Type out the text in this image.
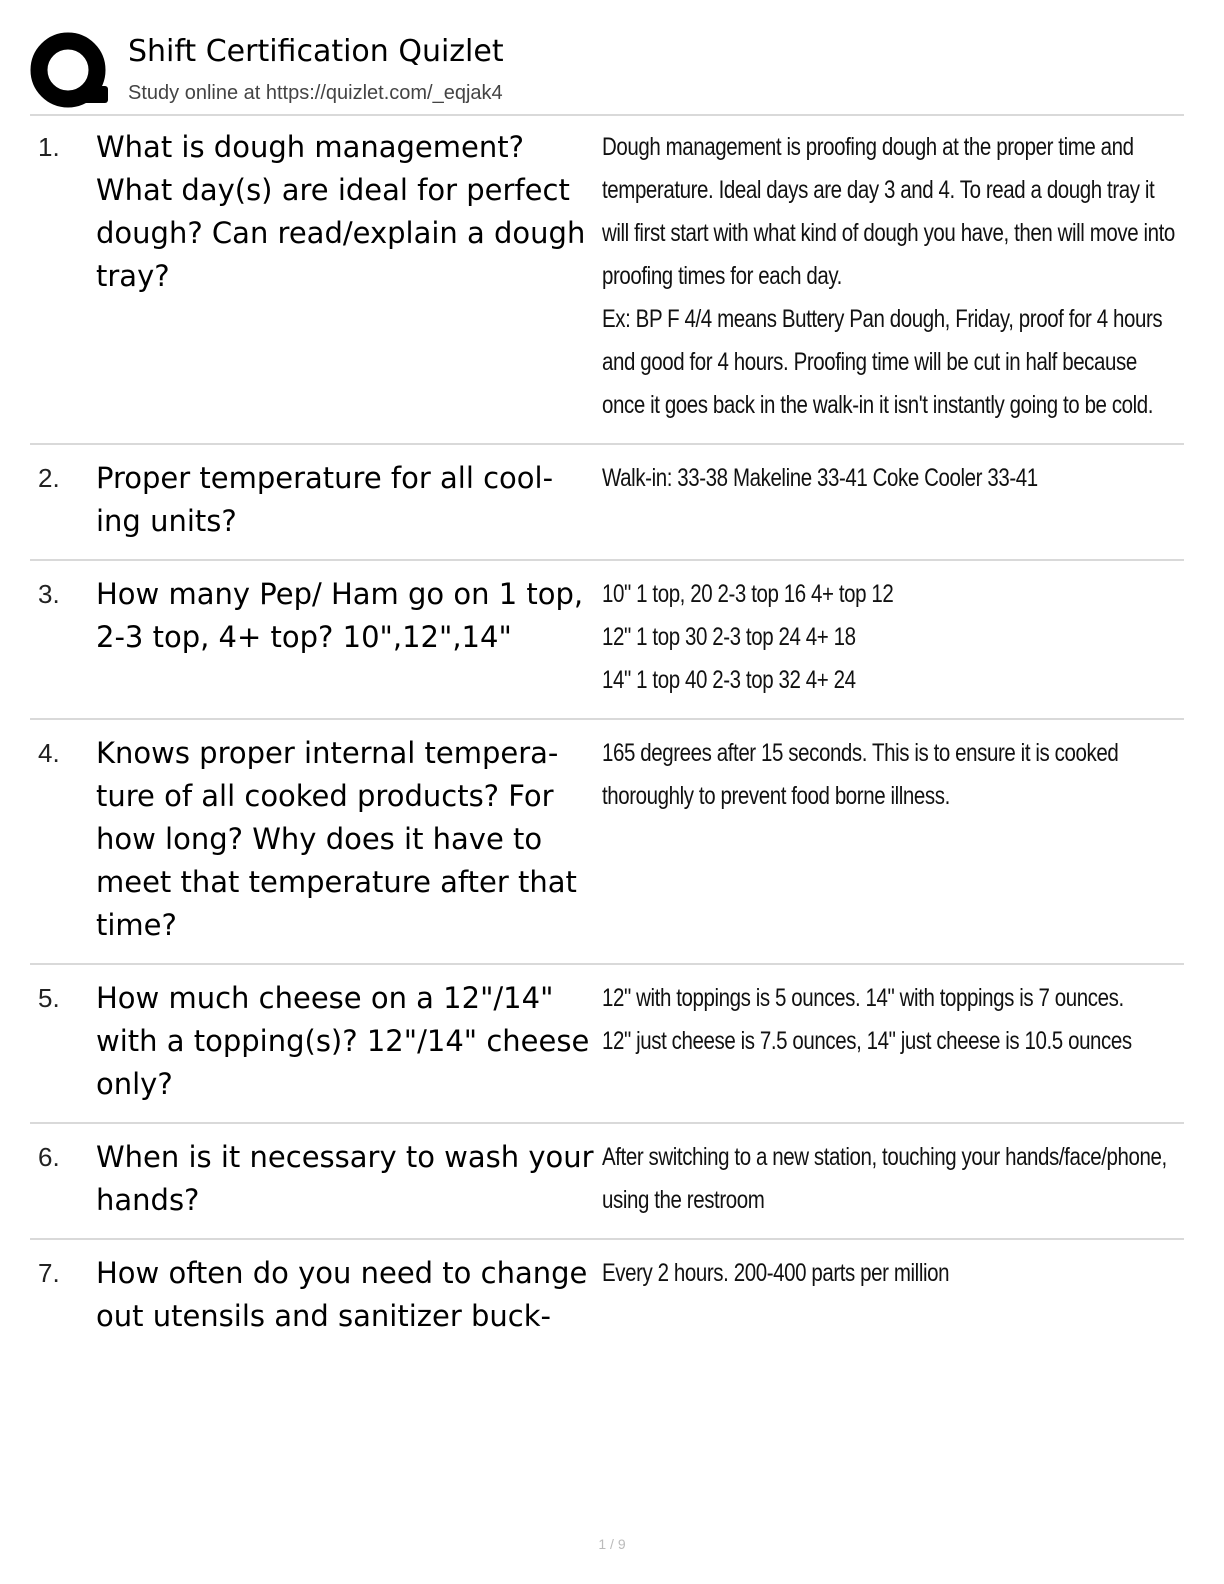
Shift Certification Quizlet
Study online at https://quizlet.com/_eqjak4
1.	What is dough management? What day(s) are ideal for perfect dough? Can read/explain a dough tray?
Dough management is proofing dough at the proper time and temperature. Ideal days are day 3 and 4. To read a dough tray it will first start with what kind of dough you have, then will move into proofing times for each day.
Ex: BP F 4/4 means Buttery Pan dough, Friday, proof for 4 hours and good for 4 hours. Proofing time will be cut in half because once it goes back in the walk-in it isn't instantly going to be cold.
2.	Proper temperature for all cool-ing units?
Walk-in: 33-38 Makeline 33-41 Coke Cooler 33-41
3.	How many Pep/ Ham go on 1 top, 2-3 top, 4+ top? 10",12",14"
10" 1 top, 20 2-3 top 16 4+ top 12
12" 1 top 30 2-3 top 24 4+ 18
14" 1 top 40 2-3 top 32 4+ 24
4.	Knows proper internal tempera-ture of all cooked products? For how long? Why does it have to meet that temperature after that time?
165 degrees after 15 seconds. This is to ensure it is cooked thoroughly to prevent food borne illness.
5.	How much cheese on a 12"/14" with a topping(s)? 12"/14" cheese only?
12" with toppings is 5 ounces. 14" with toppings is 7 ounces.
12" just cheese is 7.5 ounces, 14" just cheese is 10.5 ounces
6.	When is it necessary to wash your hands?
After switching to a new station, touching your hands/face/phone, using the restroom
7.	How often do you need to change out utensils and sanitizer buck-
Every 2 hours. 200-400 parts per million
1 / 9
